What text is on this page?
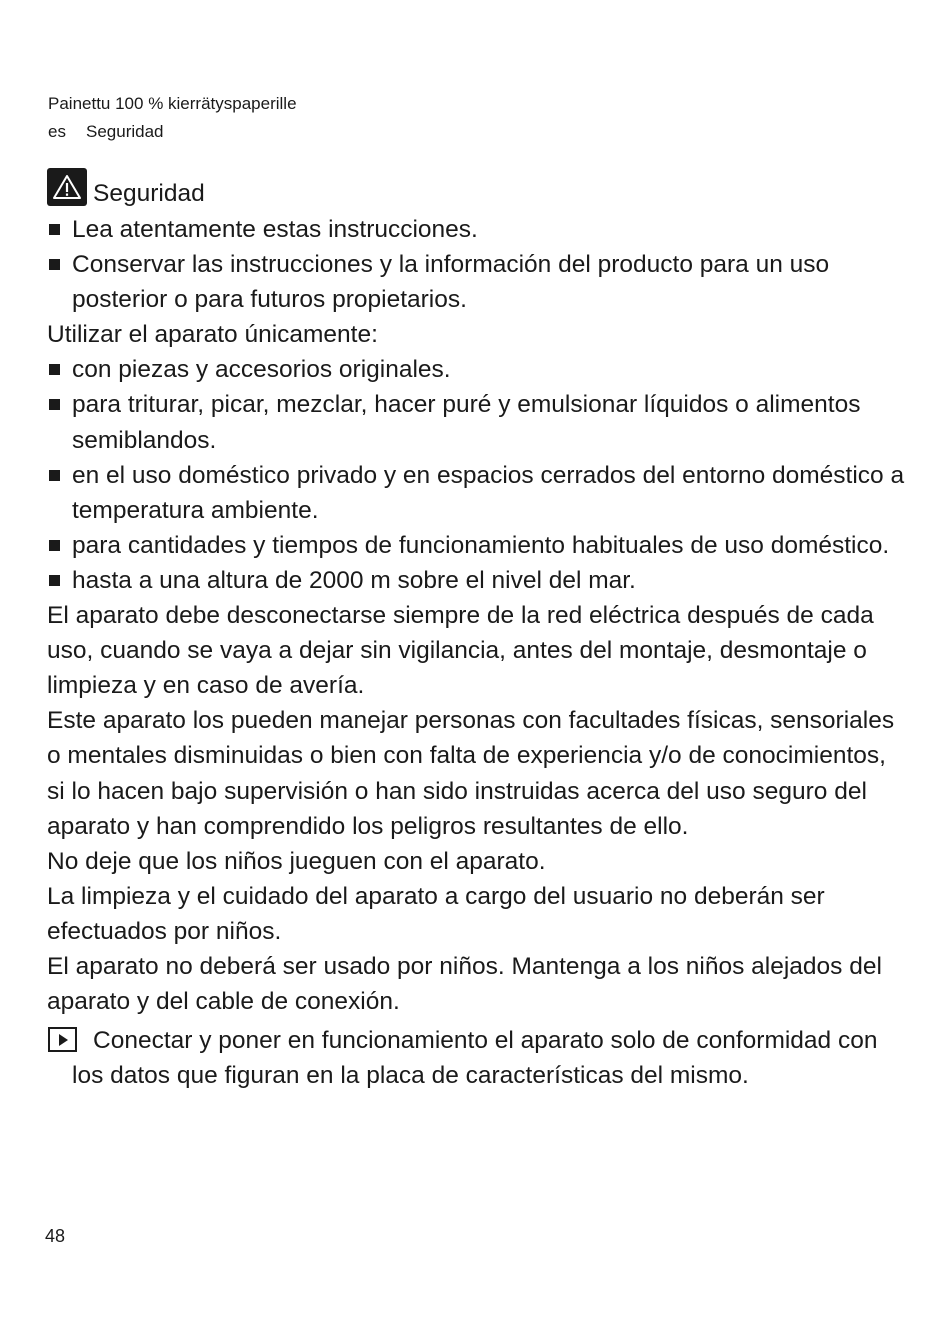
Painettu 100 % kierrätyspaperille
es Seguridad
Seguridad
Lea atentamente estas instrucciones.
Conservar las instrucciones y la información del producto para un uso posterior o para futuros propietarios.
Utilizar el aparato únicamente:
con piezas y accesorios originales.
para triturar, picar, mezclar, hacer puré y emulsionar líquidos o alimentos semiblandos.
en el uso doméstico privado y en espacios cerrados del entorno doméstico a temperatura ambiente.
para cantidades y tiempos de funcionamiento habituales de uso doméstico.
hasta a una altura de 2000 m sobre el nivel del mar.
El aparato debe desconectarse siempre de la red eléctrica después de cada uso, cuando se vaya a dejar sin vigilancia, antes del montaje, desmontaje o limpieza y en caso de avería.
Este aparato los pueden manejar personas con facultades físicas, sensoriales o mentales disminuidas o bien con falta de experiencia y/o de conocimientos, si lo hacen bajo supervisión o han sido instruidas acerca del uso seguro del aparato y han comprendido los peligros resultantes de ello.
No deje que los niños jueguen con el aparato.
La limpieza y el cuidado del aparato a cargo del usuario no deberán ser efectuados por niños.
El aparato no deberá ser usado por niños. Mantenga a los niños alejados del aparato y del cable de conexión.
Conectar y poner en funcionamiento el aparato solo de conformidad con los datos que figuran en la placa de características del mismo.
48
